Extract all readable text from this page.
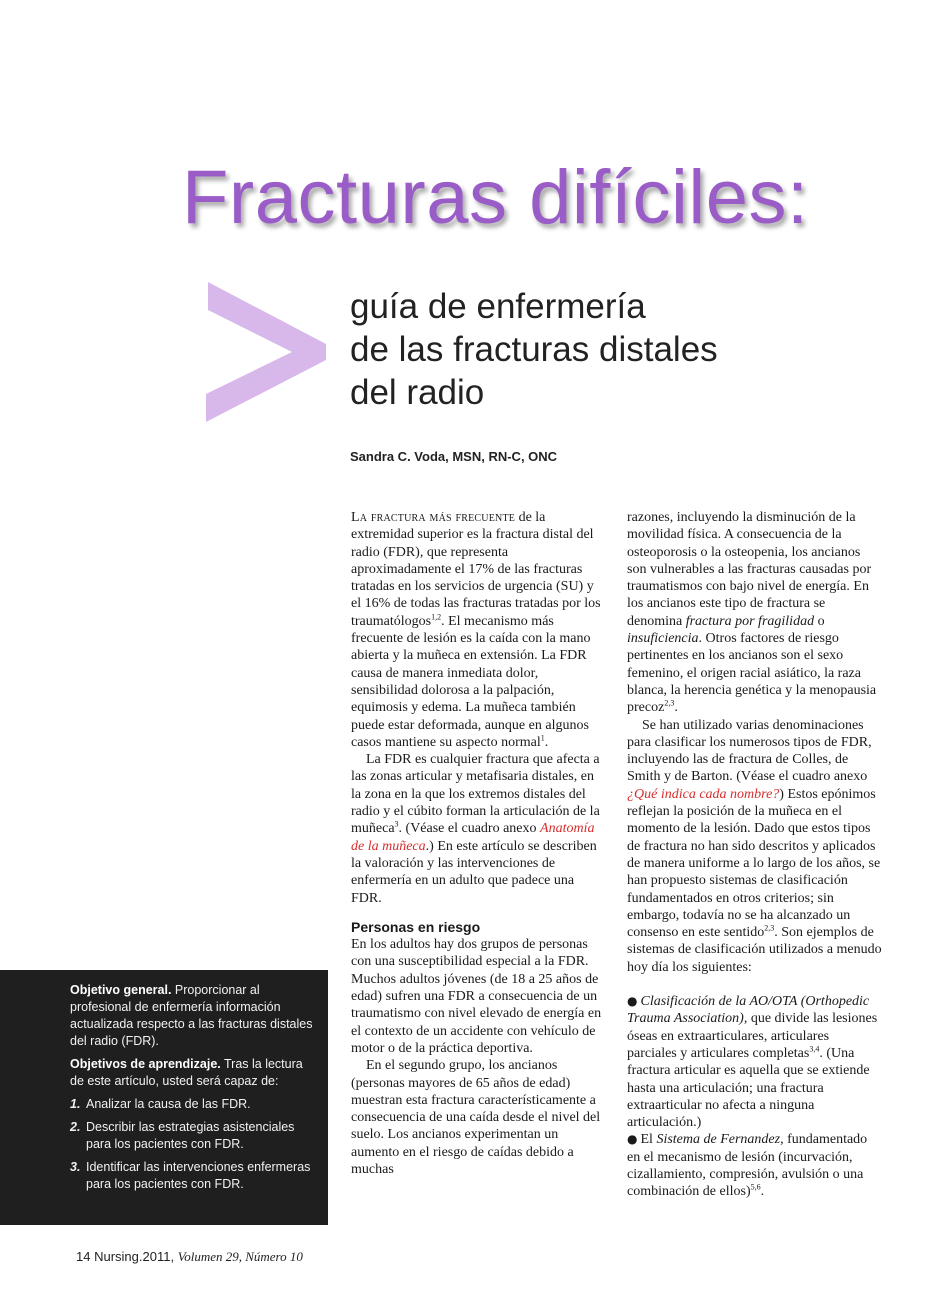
Fracturas difíciles:
guía de enfermería
de las fracturas distales
del radio
Sandra C. Voda, MSN, RN-C, ONC

La fractura más frecuente de la extremidad superior es la fractura distal del radio (FDR), que representa aproximadamente el 17% de las fracturas tratadas en los servicios de urgencia (SU) y el 16% de todas las fracturas tratadas por los traumatólogos$^{1,2}$. El mecanismo más frecuente de lesión es la caída con la mano abierta y la muñeca en extensión. La FDR causa de manera inmediata dolor, sensibilidad dolorosa a la palpación, equimosis y edema. La muñeca también puede estar deformada, aunque en algunos casos mantiene su aspecto normal$^1$.

La FDR es cualquier fractura que afecta a las zonas articular y metafisaria distales, en la zona en la que los extremos distales del radio y el cúbito forman la articulación de la muñeca$^3$. (Véase el cuadro anexo Anatomía de la muñeca.) En este artículo se describen la valoración y las intervenciones de enfermería en un adulto que padece una FDR.

Personas en riesgo

En los adultos hay dos grupos de personas con una susceptibilidad especial a la FDR. Muchos adultos jóvenes (de 18 a 25 años de edad) sufren una FDR a consecuencia de un traumatismo con nivel elevado de energía en el contexto de un accidente con vehículo de motor o de la práctica deportiva.

En el segundo grupo, los ancianos (personas mayores de 65 años de edad) muestran esta fractura característicamente a consecuencia de una caída desde el nivel del suelo. Los ancianos experimentan un aumento en el riesgo de caídas debido a muchas

razones, incluyendo la disminución de la movilidad física. A consecuencia de la osteoporosis o la osteopenia, los ancianos son vulnerables a las fracturas causadas por traumatismos con bajo nivel de energía. En los ancianos este tipo de fractura se denomina fractura por fragilidad o insuficiencia. Otros factores de riesgo pertinentes en los ancianos son el sexo femenino, el origen racial asiático, la raza blanca, la herencia genética y la menopausia precoz$^{2,3}$.

Se han utilizado varias denominaciones para clasificar los numerosos tipos de FDR, incluyendo las de fractura de Colles, de Smith y de Barton. (Véase el cuadro anexo ¿Qué indica cada nombre?) Estos epónimos reflejan la posición de la muñeca en el momento de la lesión. Dado que estos tipos de fractura no han sido descritos y aplicados de manera uniforme a lo largo de los años, se han propuesto sistemas de clasificación fundamentados en otros criterios; sin embargo, todavía no se ha alcanzado un consenso en este sentido$^{2,3}$. Son ejemplos de sistemas de clasificación utilizados a menudo hoy día los siguientes:

● Clasificación de la AO/OTA (Orthopedic Trauma Association), que divide las lesiones óseas en extraarticulares, articulares parciales y articulares completas$^{3,4}$. (Una fractura articular es aquella que se extiende hasta una articulación; una fractura extraarticular no afecta a ninguna articulación.)
● El Sistema de Fernandez, fundamentado en el mecanismo de lesión (incurvación, cizallamiento, compresión, avulsión o una combinación de ellos)$^{5,6}$.

Objetivo general. Proporcionar al profesional de enfermería información actualizada respecto a las fracturas distales del radio (FDR).

Objetivos de aprendizaje. Tras la lectura de este artículo, usted será capaz de:

1. Analizar la causa de las FDR.
2. Describir las estrategias asistenciales para los pacientes con FDR.
3. Identificar las intervenciones enfermeras para los pacientes con FDR.
14 Nursing.2011, Volumen 29, Número 10
